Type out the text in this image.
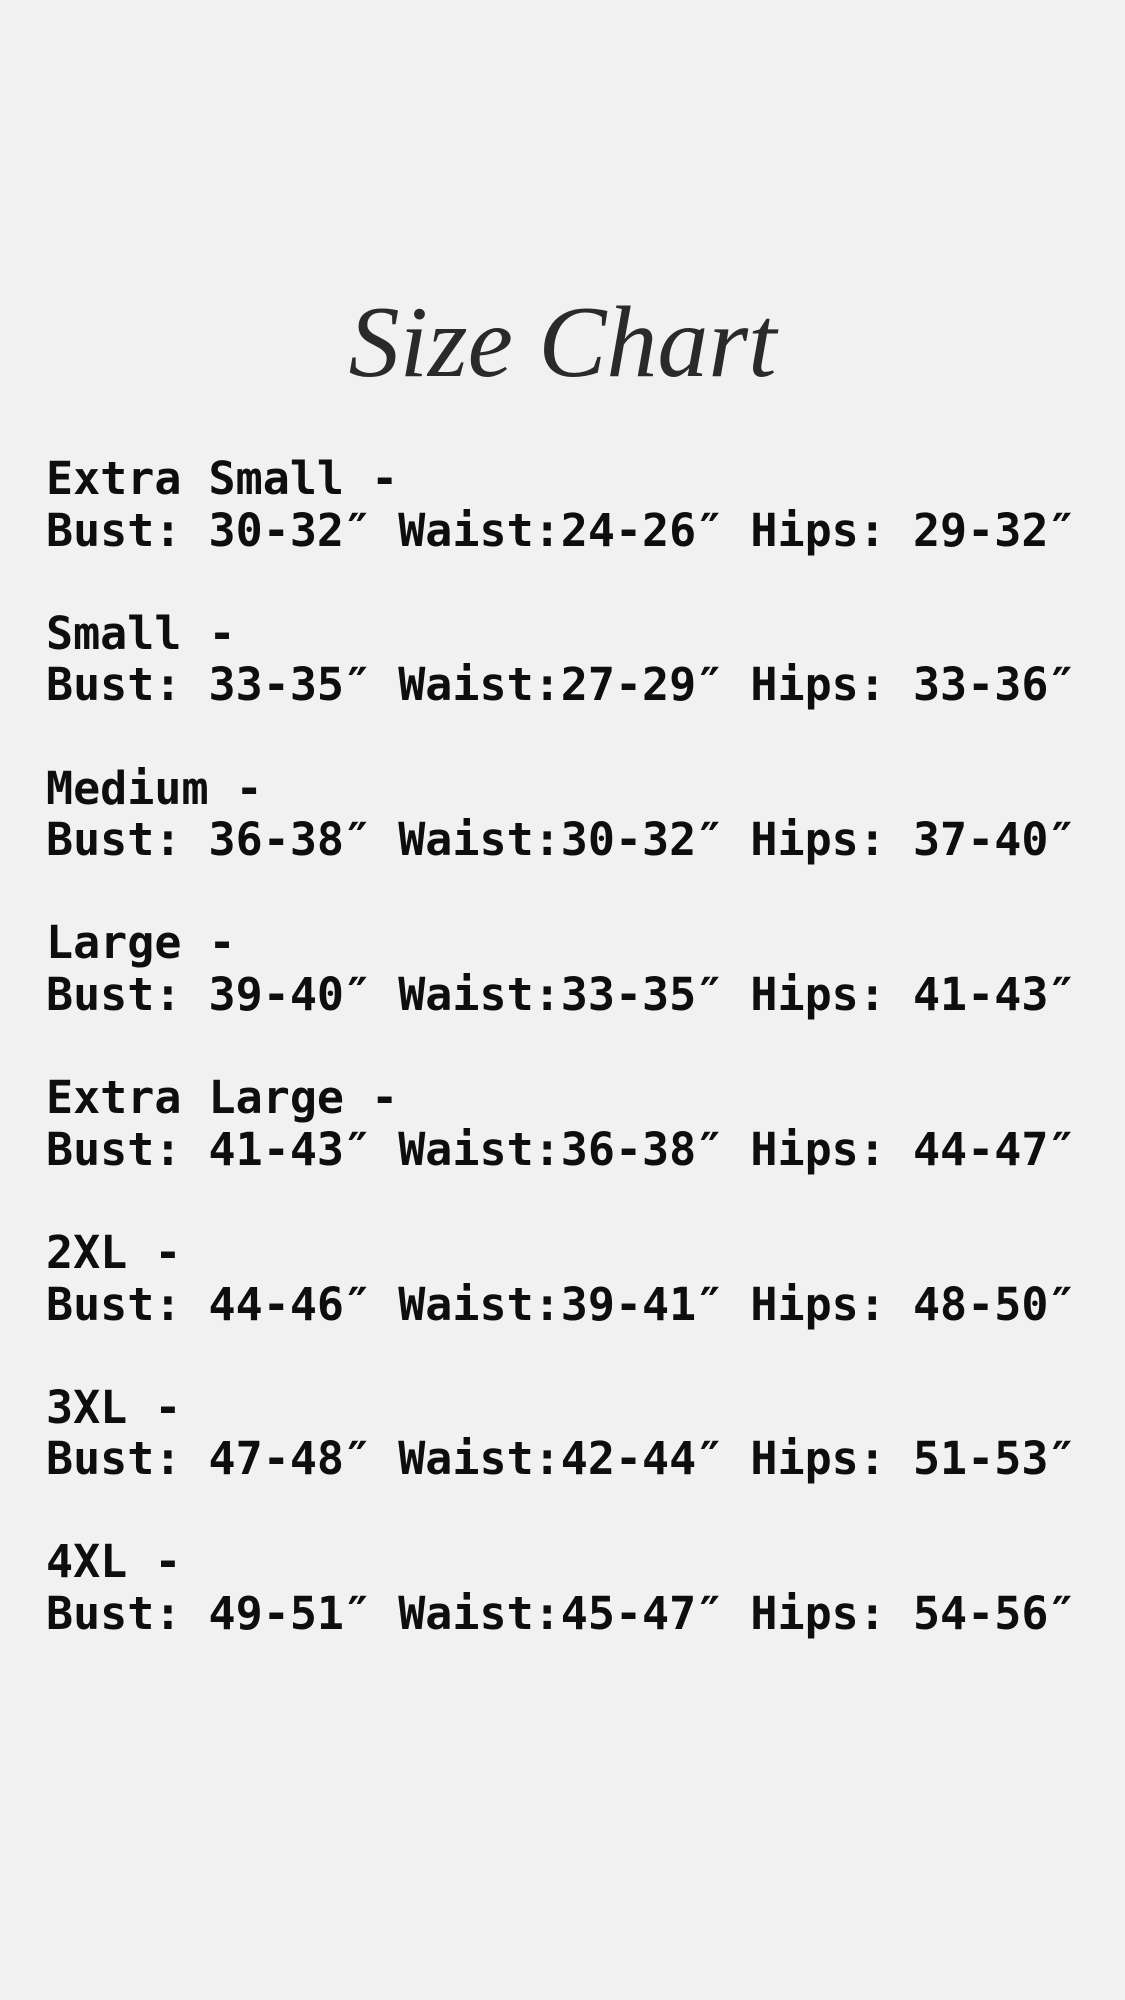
Size Chart
Extra Small -
Bust: 30-32″ Waist:24-26″ Hips: 29-32″
Small -
Bust: 33-35″ Waist:27-29″ Hips: 33-36″
Medium -
Bust: 36-38″ Waist:30-32″ Hips: 37-40″
Large -
Bust: 39-40″ Waist:33-35″ Hips: 41-43″
Extra Large -
Bust: 41-43″ Waist:36-38″ Hips: 44-47″
2XL -
Bust: 44-46″ Waist:39-41″ Hips: 48-50″
3XL -
Bust: 47-48″ Waist:42-44″ Hips: 51-53″
4XL -
Bust: 49-51″ Waist:45-47″ Hips: 54-56″
